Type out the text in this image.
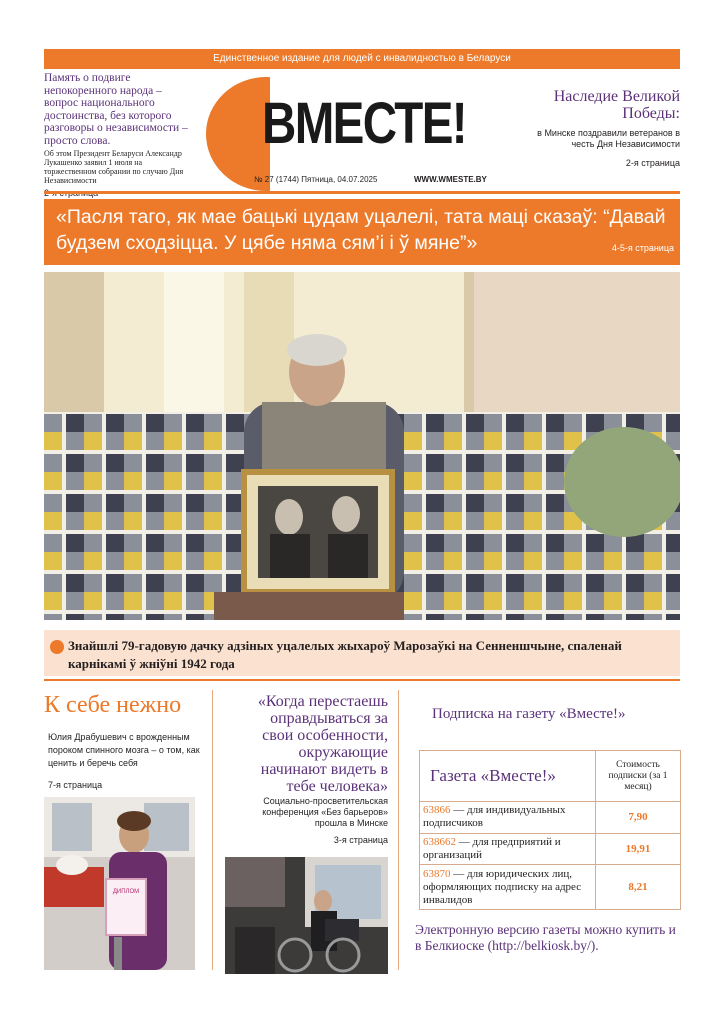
Единственное издание для людей с инвалидностью в Беларуси
Память о подвиге непокоренного народа – вопрос национального достоинства, без которого разговоры о независимости – просто слова.
Об этом Президент Беларуси Александр Лукашенко заявил 1 июля на торжественном собрании по случаю Дня Независимости
ВМЕСТЕ!
№ 27 (1744) Пятница, 04.07.2025	WWW.WMESTE.BY
Наследие Великой Победы:
в Минске поздравили ветеранов в честь Дня Независимости
2-я страница
«Пасля таго, як мае бацькі цудам уцалелі, тата маці сказаў: “Давай будзем сходзіцца. У цябе няма сям’і і ў мяне”»	4-5-я страница
Знайшлі 79-гадовую дачку адзіных уцалелых жыхароў Марозаўкі на Сенненшчыне, спаленай карнікамі ў жніўні 1942 года
К себе нежно
Юлия Драбушевич с врожденным пороком спинного мозга – о том, как ценить и беречь себя
7-я страница
ДИПЛОМ
«Когда перестаешь оправдываться за свои особенности, окружающие начинают видеть в тебе человека»
Социально-просветительская конференция «Без барьеров» прошла в Минске
3-я страница
Подписка на газету «Вместе!»
Газета «Вместе!»	Стоимость подписки (за 1 месяц)
63866 — для индивидуальных подписчиков	7,90
638662 — для предприятий и организаций	19,91
63870 — для юридических лиц, оформляющих подписку на адрес инвалидов	8,21
Электронную версию газеты можно купить и в Белкиоске (http://belkiosk.by/).
